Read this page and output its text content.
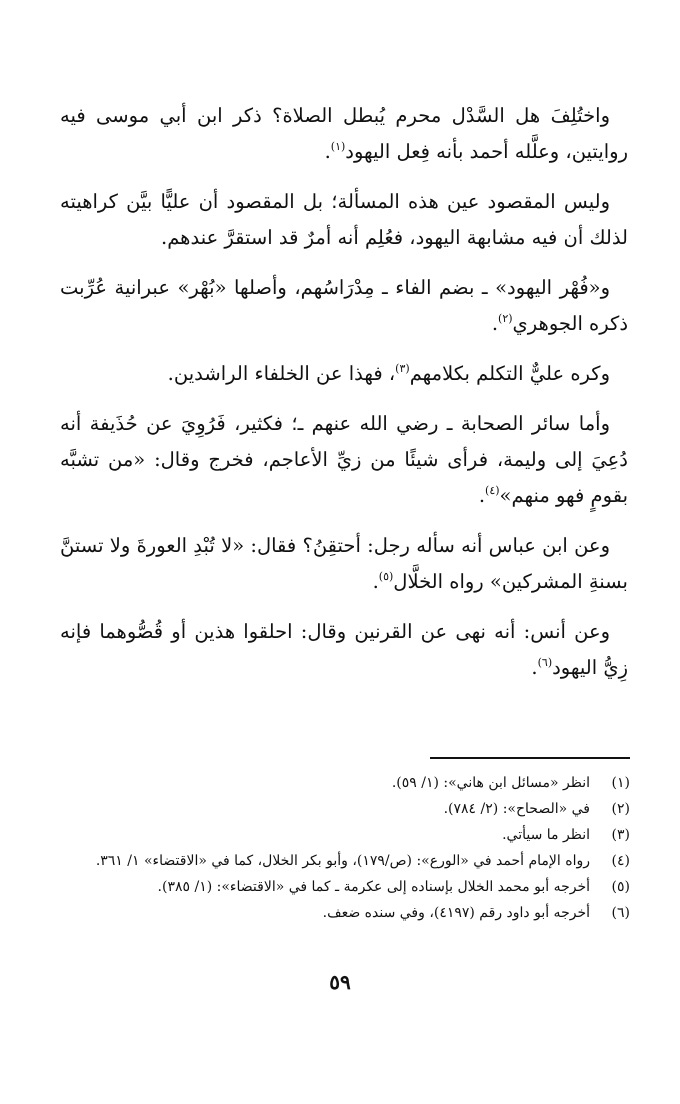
واختُلِفَ هل السَّدْل محرم يُبطل الصلاة؟ ذكر ابن أبي موسى فيه روايتين، وعلَّله أحمد بأنه فِعل اليهود$^{(١)}$.

وليس المقصود عين هذه المسألة؛ بل المقصود أن عليًّا بيَّن كراهيته لذلك أن فيه مشابهة اليهود، فعُلِم أنه أمرٌ قد استقرَّ عندهم.

و«فُهْر اليهود» ـ بضم الفاء ـ مِدْرَاسُهم، وأصلها «بُهْر» عبرانية عُرِّبت ذكره الجوهري$^{(٢)}$.

وكره عليٌّ التكلم بكلامهم$^{(٣)}$، فهذا عن الخلفاء الراشدين.

وأما سائر الصحابة ـ رضي الله عنهم ـ؛ فكثير، فَرُوِيَ عن حُذَيفة أنه دُعِيَ إلى وليمة، فرأى شيئًا من زيِّ الأعاجم، فخرج وقال: «من تشبَّه بقومٍ فهو منهم»$^{(٤)}$.

وعن ابن عباس أنه سأله رجل: أحتقِنُ؟ فقال: «لا تُبْدِ العورةَ ولا تستنَّ بسنةِ المشركين» رواه الخلَّال$^{(٥)}$.

وعن أنس: أنه نهى عن القرنين وقال: احلقوا هذين أو قُصُّوهما فإنه زِيُّ اليهود$^{(٦)}$.

(١)انظر «مسائل ابن هاني»: (١/ ٥٩).
(٢)في «الصحاح»: (٢/ ٧٨٤).
(٣)انظر ما سيأتي.
(٤)رواه الإمام أحمد في «الورع»: (ص/١٧٩)، وأبو بكر الخلال، كما في «الاقتضاء» ١/ ٣٦١.
(٥)أخرجه أبو محمد الخلال بإسناده إلى عكرمة ـ كما في «الاقتضاء»: (١/ ٣٨٥).
(٦)أخرجه أبو داود رقم (٤١٩٧)، وفي سنده ضعف.
٥٩
